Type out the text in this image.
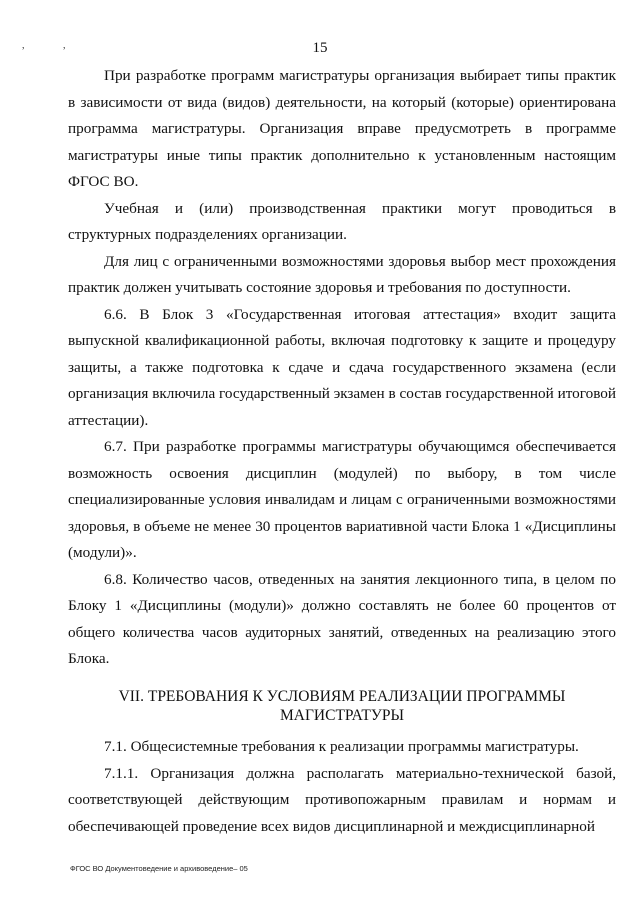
, ,	15

При разработке программ магистратуры организация выбирает типы практик в зависимости от вида (видов) деятельности, на который (которые) ориентирована программа магистратуры. Организация вправе предусмотреть в программе магистратуры иные типы практик дополнительно к установленным настоящим ФГОС ВО.

Учебная и (или) производственная практики могут проводиться в структурных подразделениях организации.

Для лиц с ограниченными возможностями здоровья выбор мест прохождения практик должен учитывать состояние здоровья и требования по доступности.

6.6. В Блок 3 «Государственная итоговая аттестация» входит защита выпускной квалификационной работы, включая подготовку к защите и процедуру защиты, а также подготовка к сдаче и сдача государственного экзамена (если организация включила государственный экзамен в состав государственной итоговой аттестации).

6.7. При разработке программы магистратуры обучающимся обеспечивается возможность освоения дисциплин (модулей) по выбору, в том числе специализированные условия инвалидам и лицам с ограниченными возможностями здоровья, в объеме не менее 30 процентов вариативной части Блока 1 «Дисциплины (модули)».

6.8. Количество часов, отведенных на занятия лекционного типа, в целом по Блоку 1 «Дисциплины (модули)» должно составлять не более 60 процентов от общего количества часов аудиторных занятий, отведенных на реализацию этого Блока.

VII. ТРЕБОВАНИЯ К УСЛОВИЯМ РЕАЛИЗАЦИИ ПРОГРАММЫ

МАГИСТРАТУРЫ

7.1. Общесистемные требования к реализации программы магистратуры.

7.1.1. Организация должна располагать материально-технической базой, соответствующей действующим противопожарным правилам и нормам и обеспечивающей проведение всех видов дисциплинарной и междисциплинарной

ФГОС ВО Документоведение и архивоведение– 05
